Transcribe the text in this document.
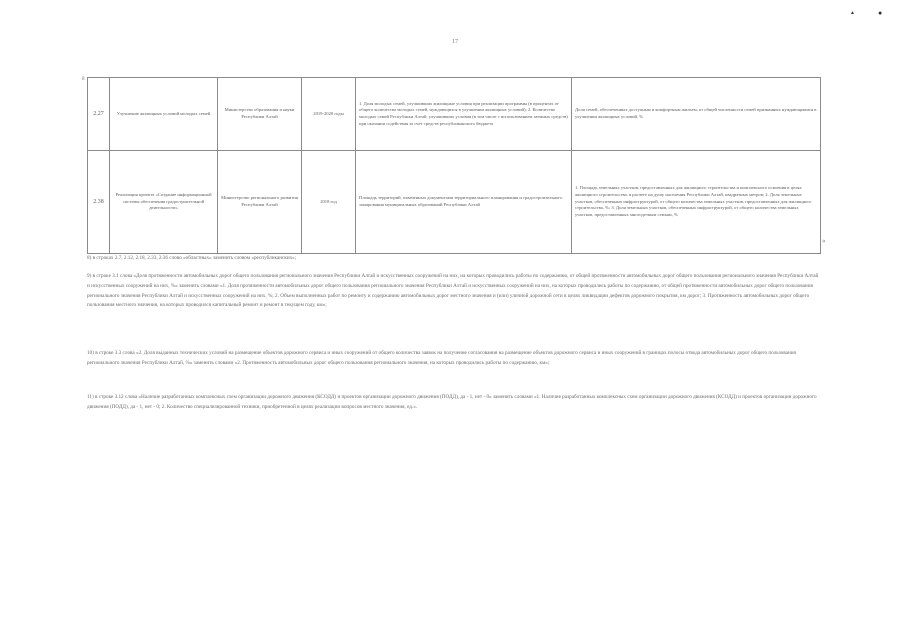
17
▲	●
2.27	Улучшение жилищных условий молодых семей	Министерство образования и науки Республики Алтай	2019-2020 годы	1. Доля молодых семей, улучшивших жилищные условия при реализации программы (в процентах от общего количества молодых семей, нуждающихся в улучшении жилищных условий); 2. Количество молодых семей Республики Алтай, улучшивших условия (в том числе с использованием заемных средств) при оказании содействия за счет средств республиканского бюджета	Доля семей, обеспеченных доступным и комфортным жильем, от общей численности семей признанных нуждающимися в улучшении жилищных условий, %
2.38	Реализация проекта «Создание информационной системы обеспечения градостроительной деятельности»	Министерство регионального развития Республики Алтай	2018 год	Площадь территорий, охваченных документами территориального планирования и градостроительного зонирования муниципальных образований Республики Алтай	1. Площадь земельных участков, предоставленных для жилищного строительства и комплексного освоения в целях жилищного строительства, в расчете на душу населения Республики Алтай, квадратных метров; 2. Доля земельных участков, обеспеченных инфраструктурой, от общего количества земельных участков, предоставленных для жилищного строительства, %; 3. Доля земельных участков, обеспеченных инфраструктурой, от общего количества земельных участков, предоставленных многодетным семьям, %
8
»

8) в строках 2.7, 2.12, 2.18, 2.33, 2.36 слово «областных» заменить словом «республиканских»;

9) в строке 3.1 слова «Доля протяженности автомобильных дорог общего пользования регионального значения Республики Алтай и искусственных сооружений на них, на которых проводились работы по содержанию, от общей протяженности автомобильных дорог общего пользования регионального значения Республики Алтай и искусственных сооружений на них, %» заменить словами «1. Доля протяженности автомобильных дорог общего пользования регионального значения Республики Алтай и искусственных сооружений на них, на которых проводились работы по содержанию, от общей протяженности автомобильных дорог общего пользования регионального значения Республики Алтай и искусственных сооружений на них, %; 2. Объем выполненных работ по ремонту и содержанию автомобильных дорог местного значения и (или) уличной дорожной сети в целях ликвидации дефектов дорожного покрытия, км дорог; 3. Протяженность автомобильных дорог общего пользования местного значения, на которых проводился капитальный ремонт и ремонт в текущем году, км»;

10) в строке 3.3 слова «2. Доля выданных технических условий на размещение объектов дорожного сервиса и иных сооружений от общего количества заявок на получение согласования на размещение объектов дорожного сервиса и иных сооружений в границах полосы отвода автомобильных дорог общего пользования регионального значения Республики Алтай, %» заменить словами «2. Протяженность автомобильных дорог общего пользования регионального значения, на которых проводились работы по содержанию, км»;

11) в строке 3.12 слова «Наличие разработанных комплексных схем организации дорожного движения (КСОДД) и проектов организации дорожного движения (ПОДД), да - 1, нет - 0» заменить словами «1. Наличие разработанных комплексных схем организации дорожного движения (КСОДД) и проектов организации дорожного движения (ПОДД), да - 1, нет - 0; 2. Количество специализированной техники, приобретенной в целях реализации вопросов местного значения, ед.».
